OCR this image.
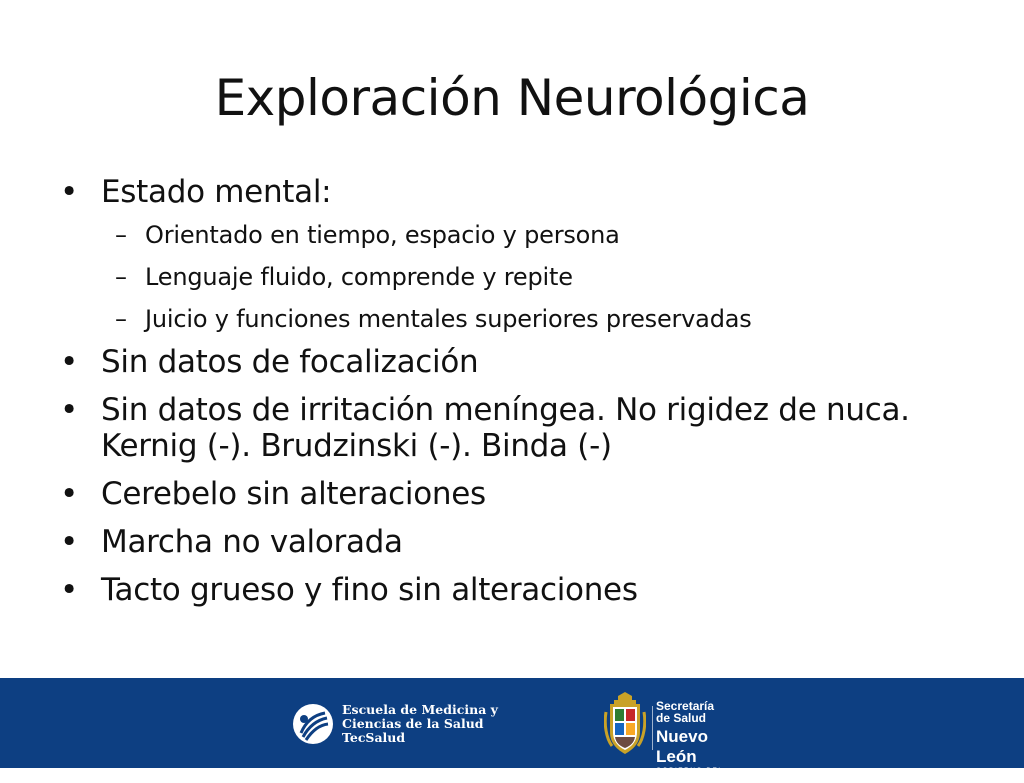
Exploración Neurológica
• Estado mental:
– Orientado en tiempo, espacio y persona
– Lenguaje fluido, comprende y repite
– Juicio y funciones mentales superiores preservadas
• Sin datos de focalización
• Sin datos de irritación meníngea. No rigidez de nuca. Kernig (-). Brudzinski (-). Binda (-)
• Cerebelo sin alteraciones
• Marcha no valorada
• Tacto grueso y fino sin alteraciones
Escuela de Medicina y
Ciencias de la Salud
TecSalud
Secretaría
de Salud
Nuevo León
GOBIERNO DEL ESTADO
